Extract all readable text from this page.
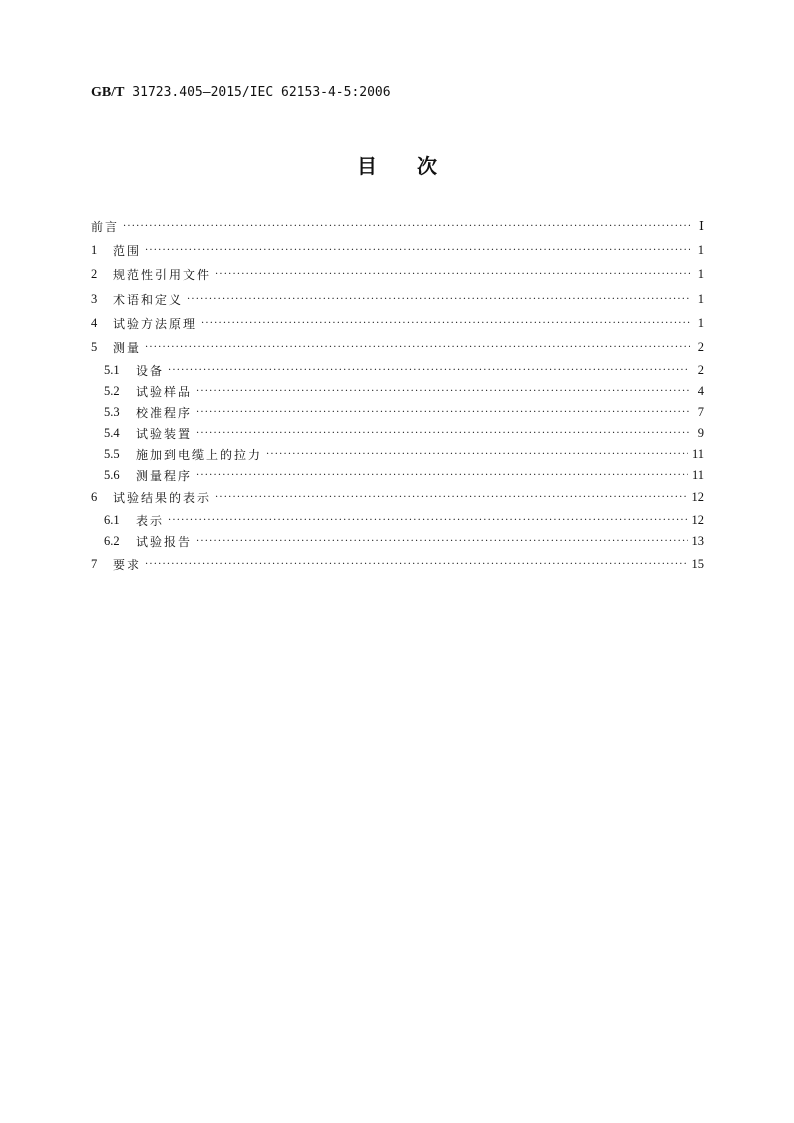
GB/T 31723.405—2015/IEC 62153-4-5:2006
目次
前言 ·····	Ⅰ
1	范围 ·····	1
2	规范性引用文件 ·····	1
3	术语和定义 ·····	1
4	试验方法原理 ·····	1
5	测量 ·····	2
5.1	设备 ·····	2
5.2	试验样品 ·····	4
5.3	校准程序 ·····	7
5.4	试验装置 ·····	9
5.5	施加到电缆上的拉力 ·····	11
5.6	测量程序 ·····	11
6	试验结果的表示 ·····	12
6.1	表示 ·····	12
6.2	试验报告 ·····	13
7	要求 ·····	15
